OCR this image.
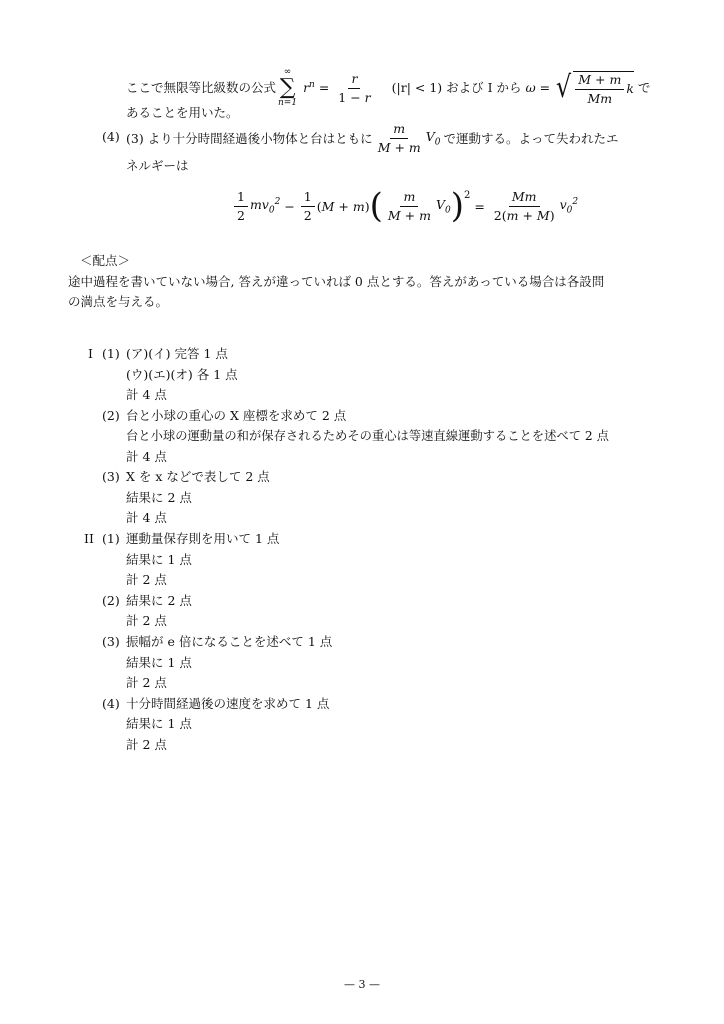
ここで無限等比級数の公式
∞
∑
n=1
$r^n = \frac{r}{1 - r} (|r| < 1)$ および I から ω = √ $\frac{M + m}{Mm}$ k で
あることを用いた。
(4) (3) より十分時間経過後小物体と台はともに $\frac{m}{M + m} V_0$ で運動する。よって失われたエ
ネルギーは
$\frac{1}{2} mv_0^2 - \frac{1}{2} (M + m)$ ( $\frac{m}{M + m} V_0$ )$^2$
= $\frac{Mm}{2(m + M)} v_0^2$
＜配点＞
途中過程を書いていない場合, 答えが違っていれば 0 点とする。答えがあっている場合は各設問
の満点を与える。
I (1) (ア)(イ) 完答 1 点
(ウ)(エ)(オ) 各 1 点
計 4 点
(2) 台と小球の重心の X 座標を求めて 2 点
台と小球の運動量の和が保存されるためその重心は等速直線運動することを述べて 2 点
計 4 点
(3) X を x などで表して 2 点
結果に 2 点
計 4 点
II (1) 運動量保存則を用いて 1 点
結果に 1 点
計 2 点
(2) 結果に 2 点
計 2 点
(3) 振幅が e 倍になることを述べて 1 点
結果に 1 点
計 2 点
(4) 十分時間経過後の速度を求めて 1 点
結果に 1 点
計 2 点
— 3 —
